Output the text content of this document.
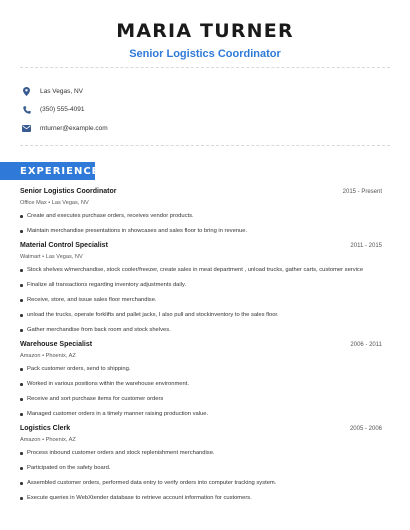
MARIA TURNER
Senior Logistics Coordinator
Las Vegas, NV
(350) 555-4091
mturner@example.com
EXPERIENCE
Senior Logistics Coordinator	2015 - Present
Office Max • Las Vegas, NV
Create and executes purchase orders, receives vendor products.
Maintain merchandise presentations in showcases and sales floor to bring in revenue.
Material Control Specialist	2011 - 2015
Walmart • Las Vegas, NV
Stock shelves w/merchandise, stock cooler/freezer, create sales in meat department , unload trucks, gather carts, customer service
Finalize all transactions regarding inventory adjustments daily.
Receive, store, and issue sales floor merchandise.
unload the trucks, operate forklifts and pallet jacks, I also pull and stockinventory to the sales floor.
Gather merchandise from back room and stock shelves.
Warehouse Specialist	2006 - 2011
Amazon • Phoenix, AZ
Pack customer orders, send to shipping.
Worked in various positions within the warehouse environment.
Receive and sort purchase items for customer orders
Managed customer orders in a timely manner raising production value.
Logistics Clerk	2005 - 2006
Amazon • Phoenix, AZ
Process inbound customer orders and stock replenishment merchandise.
Participated on the safety board.
Assembled customer orders, performed data entry to verify orders into computer tracking system.
Execute queries in WebXtender database to retrieve account information for customers.
